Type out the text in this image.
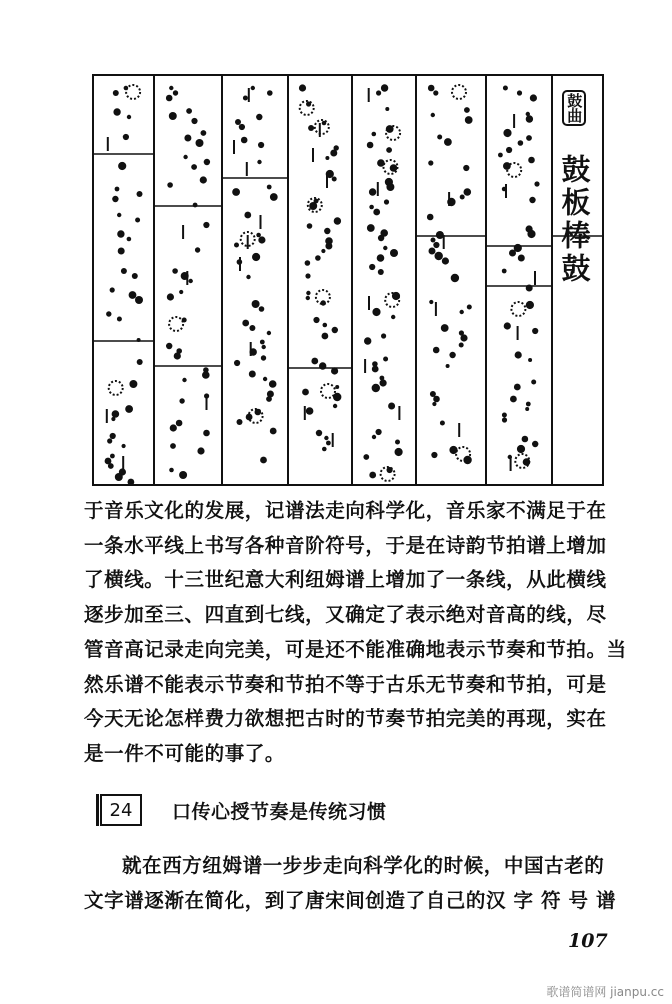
鼓曲
鼓板棒鼓
于音乐文化的发展，记谱法走向科学化，音乐家不满足于在
一条水平线上书写各种音阶符号，于是在诗韵节拍谱上增加
了横线。十三世纪意大利纽姆谱上增加了一条线，从此横线
逐步加至三、四直到七线，又确定了表示绝对音高的线，尽
管音高记录走向完美，可是还不能准确地表示节奏和节拍。当
然乐谱不能表示节奏和节拍不等于古乐无节奏和节拍，可是
今天无论怎样费力欲想把古时的节奏节拍完美的再现，实在
是一件不可能的事了。
24	口传心授节奏是传统习惯
就在西方纽姆谱一步步走向科学化的时候，中国古老的
文字谱逐渐在简化，到了唐宋间创造了自己的汉 字 符 号 谱
107
歌谱简谱网 jianpu.cc
